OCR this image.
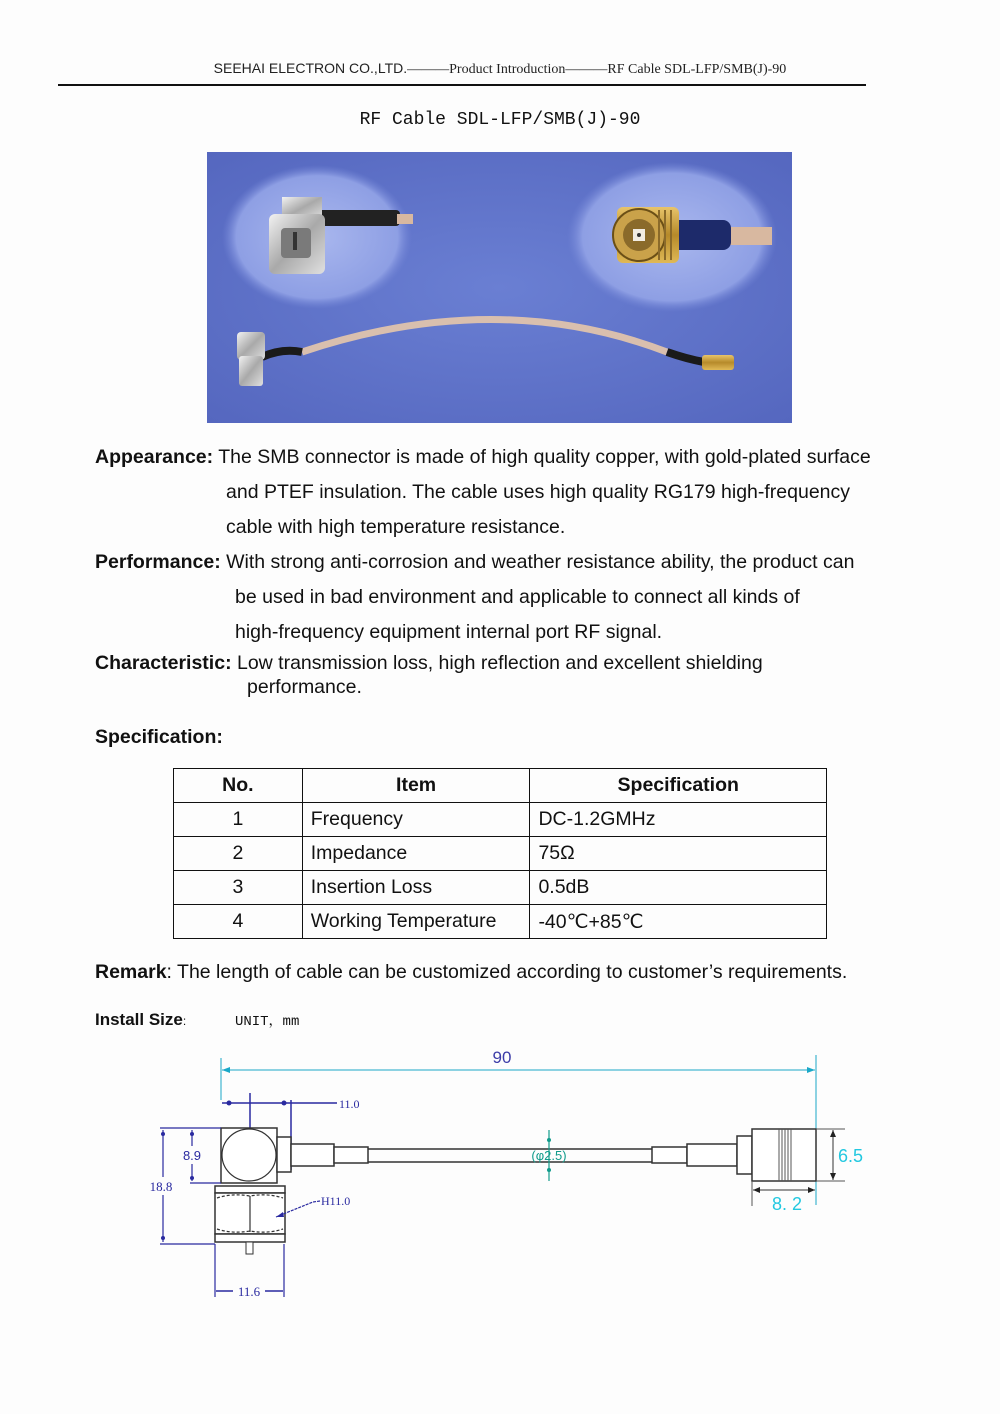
SEEHAI ELECTRON CO.,LTD.———Product Introduction———RF Cable SDL-LFP/SMB(J)-90
RF Cable SDL-LFP/SMB(J)-90
Appearance: The SMB connector is made of high quality copper, with gold-plated surface
and PTEF insulation. The cable uses high quality RG179 high-frequency
cable with high temperature resistance.
Performance: With strong anti-corrosion and weather resistance ability, the product can
be used in bad environment and applicable to connect all kinds of
high-frequency equipment internal port RF signal.
Characteristic: Low transmission loss, high reflection and excellent shielding
performance.
Specification:
No.	Item	Specification
1	Frequency	DC-1.2GMHz
2	Impedance	75Ω
3	Insertion Loss	0.5dB
4	Working Temperature	-40℃+85℃
Remark: The length of cable can be customized according to customer’s requirements.
Install Size:	UNIT，mm
90
11.0
6.5
8. 2
(φ2.5)
H11.0
8.9
18.8
11.6
